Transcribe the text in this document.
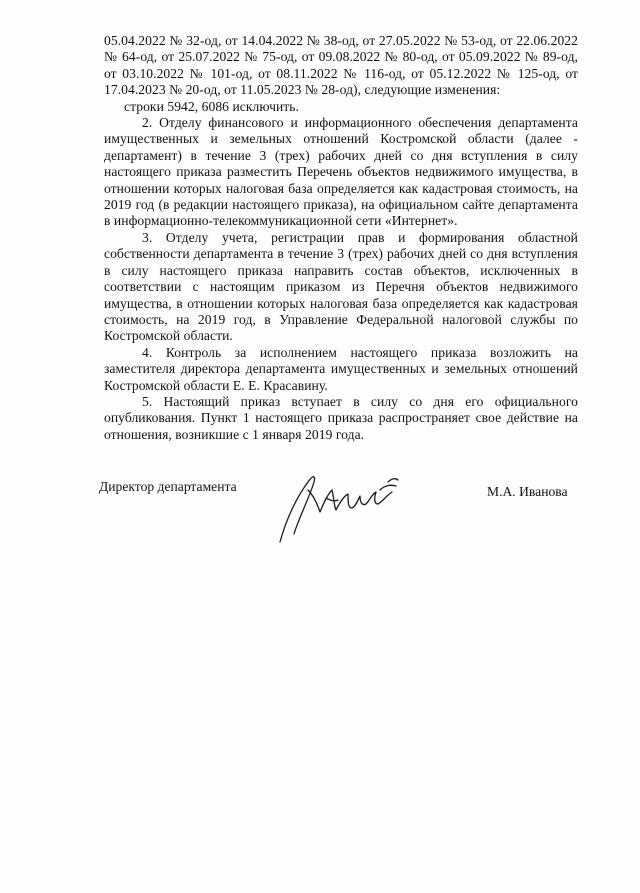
05.04.2022 № 32-од, от 14.04.2022 № 38-од, от 27.05.2022 № 53-од, от 22.06.2022 № 64-од, от 25.07.2022 № 75-од, от 09.08.2022 № 80-од, от 05.09.2022 № 89-од, от 03.10.2022 № 101-од, от 08.11.2022 № 116-од, от 05.12.2022 № 125-од, от 17.04.2023 № 20-од, от 11.05.2023 № 28-од), следующие изменения:

строки 5942, 6086 исключить.

2. Отделу финансового и информационного обеспечения департамента имущественных и земельных отношений Костромской области (далее - департамент) в течение 3 (трех) рабочих дней со дня вступления в силу настоящего приказа разместить Перечень объектов недвижимого имущества, в отношении которых налоговая база определяется как кадастровая стоимость, на 2019 год (в редакции настоящего приказа), на официальном сайте департамента в информационно-телекоммуникационной сети «Интернет».

3. Отделу учета, регистрации прав и формирования областной собственности департамента в течение 3 (трех) рабочих дней со дня вступления в силу настоящего приказа направить состав объектов, исключенных в соответствии с настоящим приказом из Перечня объектов недвижимого имущества, в отношении которых налоговая база определяется как кадастровая стоимость, на 2019 год, в Управление Федеральной налоговой службы по Костромской области.

4. Контроль за исполнением настоящего приказа возложить на заместителя директора департамента имущественных и земельных отношений Костромской области Е. Е. Красавину.

5. Настоящий приказ вступает в силу со дня его официального опубликования. Пункт 1 настоящего приказа распространяет свое действие на отношения, возникшие с 1 января 2019 года.

Директор департамента	М.А. Иванова
